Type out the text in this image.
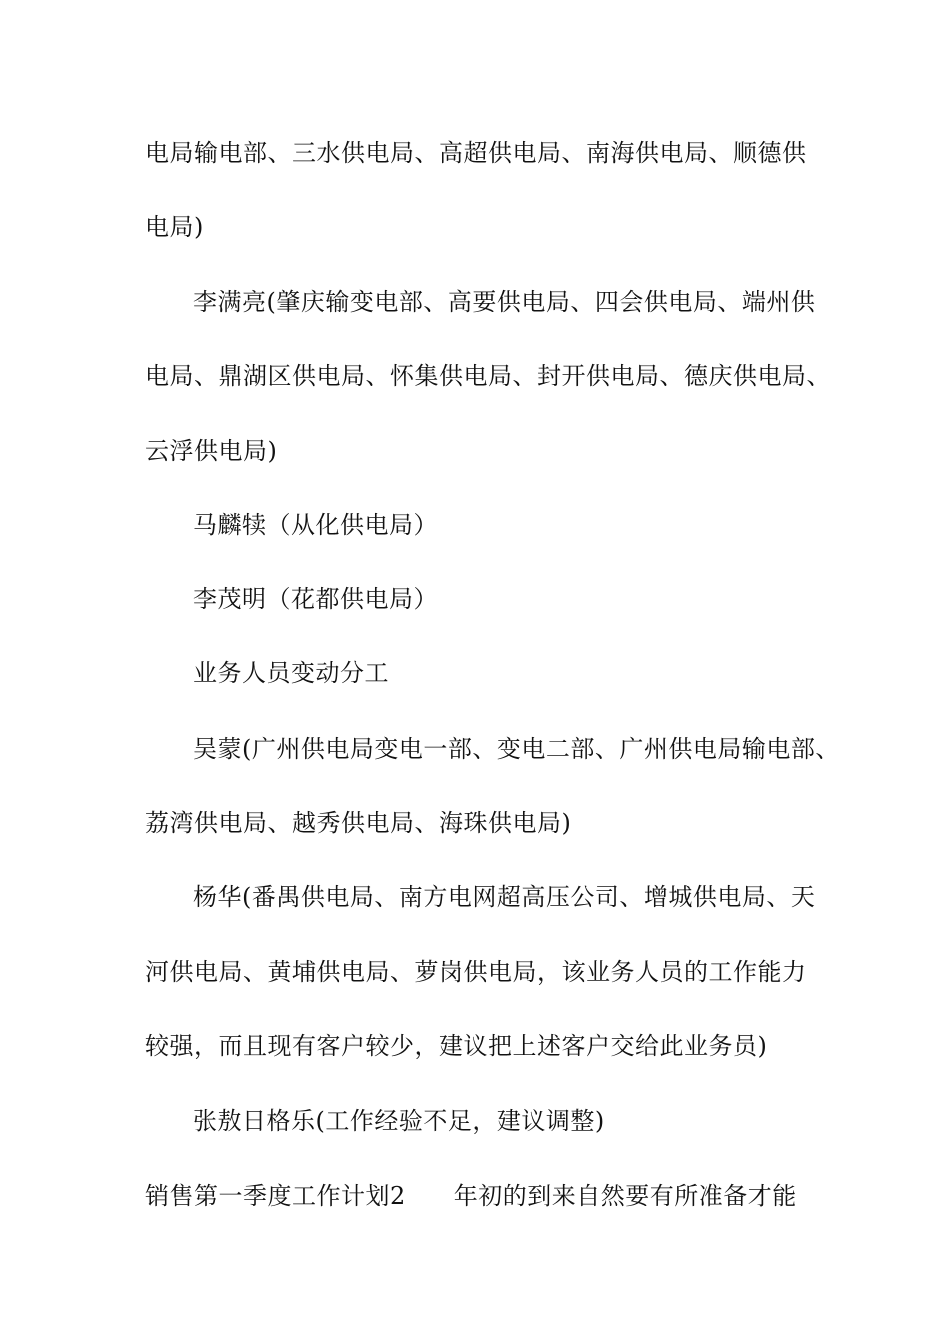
电局输电部、三水供电局、高超供电局、南海供电局、顺德供
电局)
李满亮(肇庆输变电部、高要供电局、四会供电局、端州供
电局、鼎湖区供电局、怀集供电局、封开供电局、德庆供电局、
云浮供电局)
马麟犊（从化供电局）
李茂明（花都供电局）
业务人员变动分工
吴蒙(广州供电局变电一部、变电二部、广州供电局输电部、
荔湾供电局、越秀供电局、海珠供电局)
杨华(番禺供电局、南方电网超高压公司、增城供电局、天
河供电局、黄埔供电局、萝岗供电局，该业务人员的工作能力
较强，而且现有客户较少，建议把上述客户交给此业务员)
张敖日格乐(工作经验不足，建议调整)
销售第一季度工作计划2 年初的到来自然要有所准备才能
